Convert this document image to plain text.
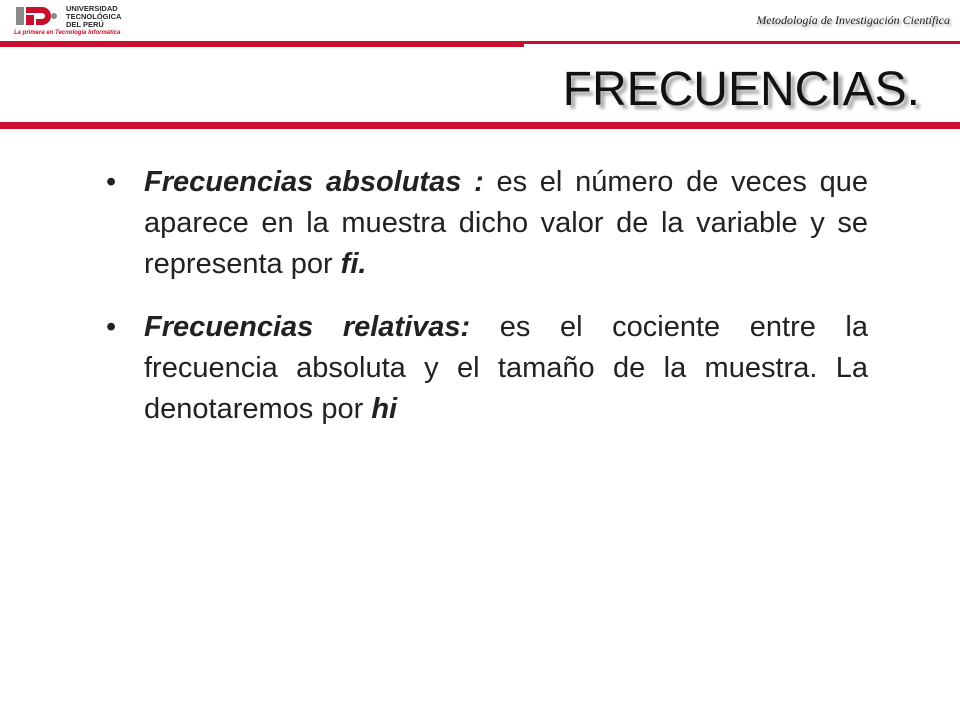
UNIVERSIDAD
TECNOLÓGICA
DEL PERÚ
La primera en Tecnología Informática
Metodología de Investigación Científica
FRECUENCIAS.
• Frecuencias absolutas : es el número de veces que aparece en la muestra dicho valor de la variable y se representa por fi.
• Frecuencias relativas: es el cociente entre la frecuencia absoluta y el tamaño de la muestra. La denotaremos por hi
